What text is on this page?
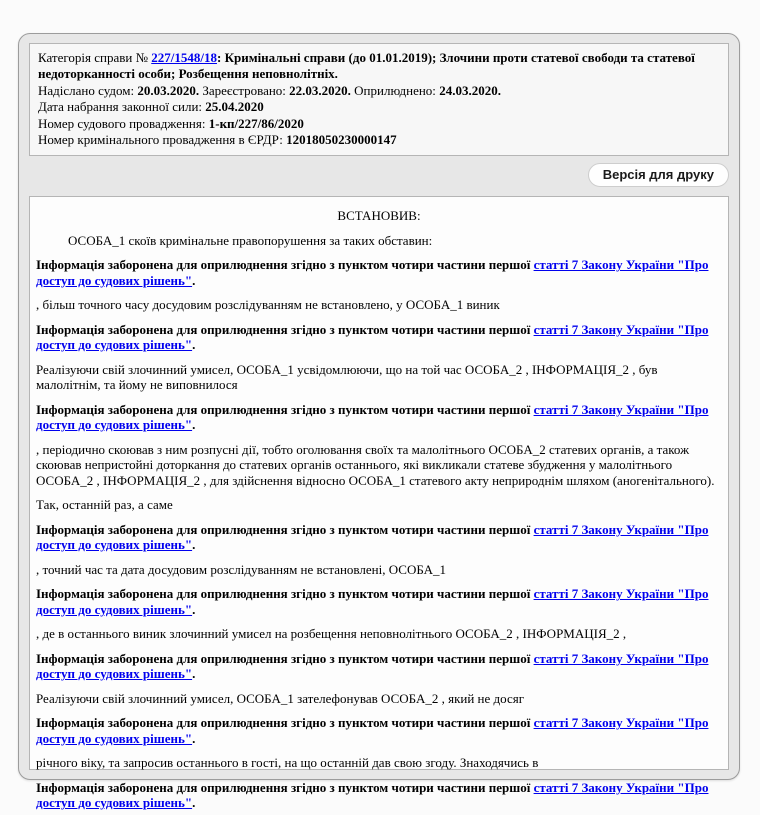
Категорія справи № 227/1548/18: Кримінальні справи (до 01.01.2019); Злочини проти статевої свободи та статевої недоторканності особи; Розбещення неповнолітніх.
Надіслано судом: 20.03.2020. Зареєстровано: 22.03.2020. Оприлюднено: 24.03.2020.
Дата набрання законної сили: 25.04.2020
Номер судового провадження: 1-кп/227/86/2020
Номер кримінального провадження в ЄРДР: 12018050230000147
Версія для друку

ВСТАНОВИВ:

ОСОБА_1 скоїв кримінальне правопорушення за таких обставин:

Інформація заборонена для оприлюднення згідно з пунктом чотири частини першої статті 7 Закону України "Про доступ до судових рішень".

, більш точного часу досудовим розслідуванням не встановлено, у ОСОБА_1 виник

Інформація заборонена для оприлюднення згідно з пунктом чотири частини першої статті 7 Закону України "Про доступ до судових рішень".

Реалізуючи свій злочинний умисел, ОСОБА_1 усвідомлюючи, що на той час ОСОБА_2 , ІНФОРМАЦІЯ_2 , був малолітнім, та йому не виповнилося

Інформація заборонена для оприлюднення згідно з пунктом чотири частини першої статті 7 Закону України "Про доступ до судових рішень".

, періодично скоював з ним розпусні дії, тобто оголювання своїх та малолітнього ОСОБА_2 статевих органів, а також скоював непристойні доторкання до статевих органів останнього, які викликали статеве збудження у малолітнього ОСОБА_2 , ІНФОРМАЦІЯ_2 , для здійснення відносно ОСОБА_1 статевого акту неприроднім шляхом (аногенітального).

Так, останній раз, а саме

Інформація заборонена для оприлюднення згідно з пунктом чотири частини першої статті 7 Закону України "Про доступ до судових рішень".

, точний час та дата досудовим розслідуванням не встановлені, ОСОБА_1

Інформація заборонена для оприлюднення згідно з пунктом чотири частини першої статті 7 Закону України "Про доступ до судових рішень".

, де в останнього виник злочинний умисел на розбещення неповнолітнього ОСОБА_2 , ІНФОРМАЦІЯ_2 ,

Інформація заборонена для оприлюднення згідно з пунктом чотири частини першої статті 7 Закону України "Про доступ до судових рішень".

Реалізуючи свій злочинний умисел, ОСОБА_1 зателефонував ОСОБА_2 , який не досяг

Інформація заборонена для оприлюднення згідно з пунктом чотири частини першої статті 7 Закону України "Про доступ до судових рішень".

річного віку, та запросив останнього в гості, на що останній дав свою згоду. Знаходячись в

Інформація заборонена для оприлюднення згідно з пунктом чотири частини першої статті 7 Закону України "Про доступ до судових рішень".
